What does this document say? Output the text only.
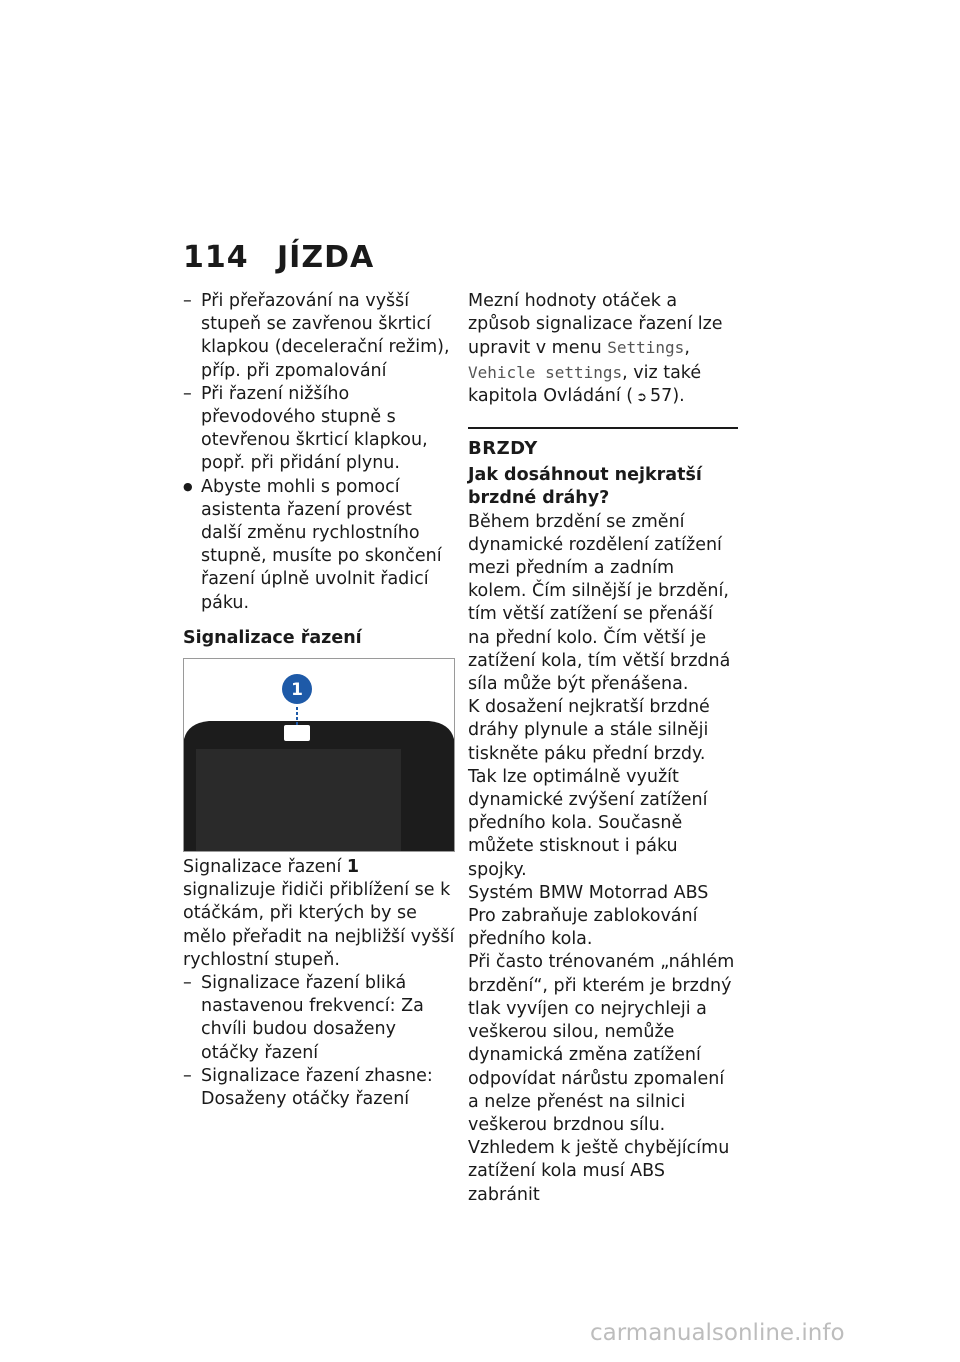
114 JÍZDA
–
Při přeřazování na vyšší stupeň se zavřenou škrticí klapkou (decelerační režim), příp. při zpomalování
–
Při řazení nižšího převodového stupně s otevřenou škrticí klapkou, popř. při přidání plynu.
●
Abyste mohli s pomocí asistenta řazení provést další změnu rychlostního stupně, musíte po skončení řazení úplně uvolnit řadicí páku.
Signalizace řazení
1

Signalizace řazení 1 signalizuje řidiči přiblížení se k otáčkám, při kterých by se mělo přeřadit na nejbližší vyšší rychlostní stupeň.

–
Signalizace řazení bliká nastavenou frekvencí: Za chvíli budou dosaženy otáčky řazení
–
Signalizace řazení zhasne: Dosaženy otáčky řazení

Mezní hodnoty otáček a způsob signalizace řazení lze upravit v menu Settings, Vehicle settings, viz také kapitola Ovládání ( ➲ 57).

BRZDY
Jak dosáhnout nejkratší brzdné dráhy?

Během brzdění se změní dynamické rozdělení zatížení mezi předním a zadním kolem. Čím silnější je brzdění, tím větší zatížení se přenáší na přední kolo. Čím větší je zatížení kola, tím větší brzdná síla může být přenášena.

K dosažení nejkratší brzdné dráhy plynule a stále silněji tiskněte páku přední brzdy. Tak lze optimálně využít dynamické zvýšení zatížení předního kola. Současně můžete stisknout i páku spojky.

Systém BMW Motorrad ABS Pro zabraňuje zablokování předního kola.

Při často trénovaném „náhlém brzdění“, při kterém je brzdný tlak vyvíjen co nejrychleji a veškerou silou, nemůže dynamická změna zatížení odpovídat nárůstu zpomalení a nelze přenést na silnici veškerou brzdnou sílu. Vzhledem k ještě chybějícímu zatížení kola musí ABS zabránit

carmanualsonline.info
